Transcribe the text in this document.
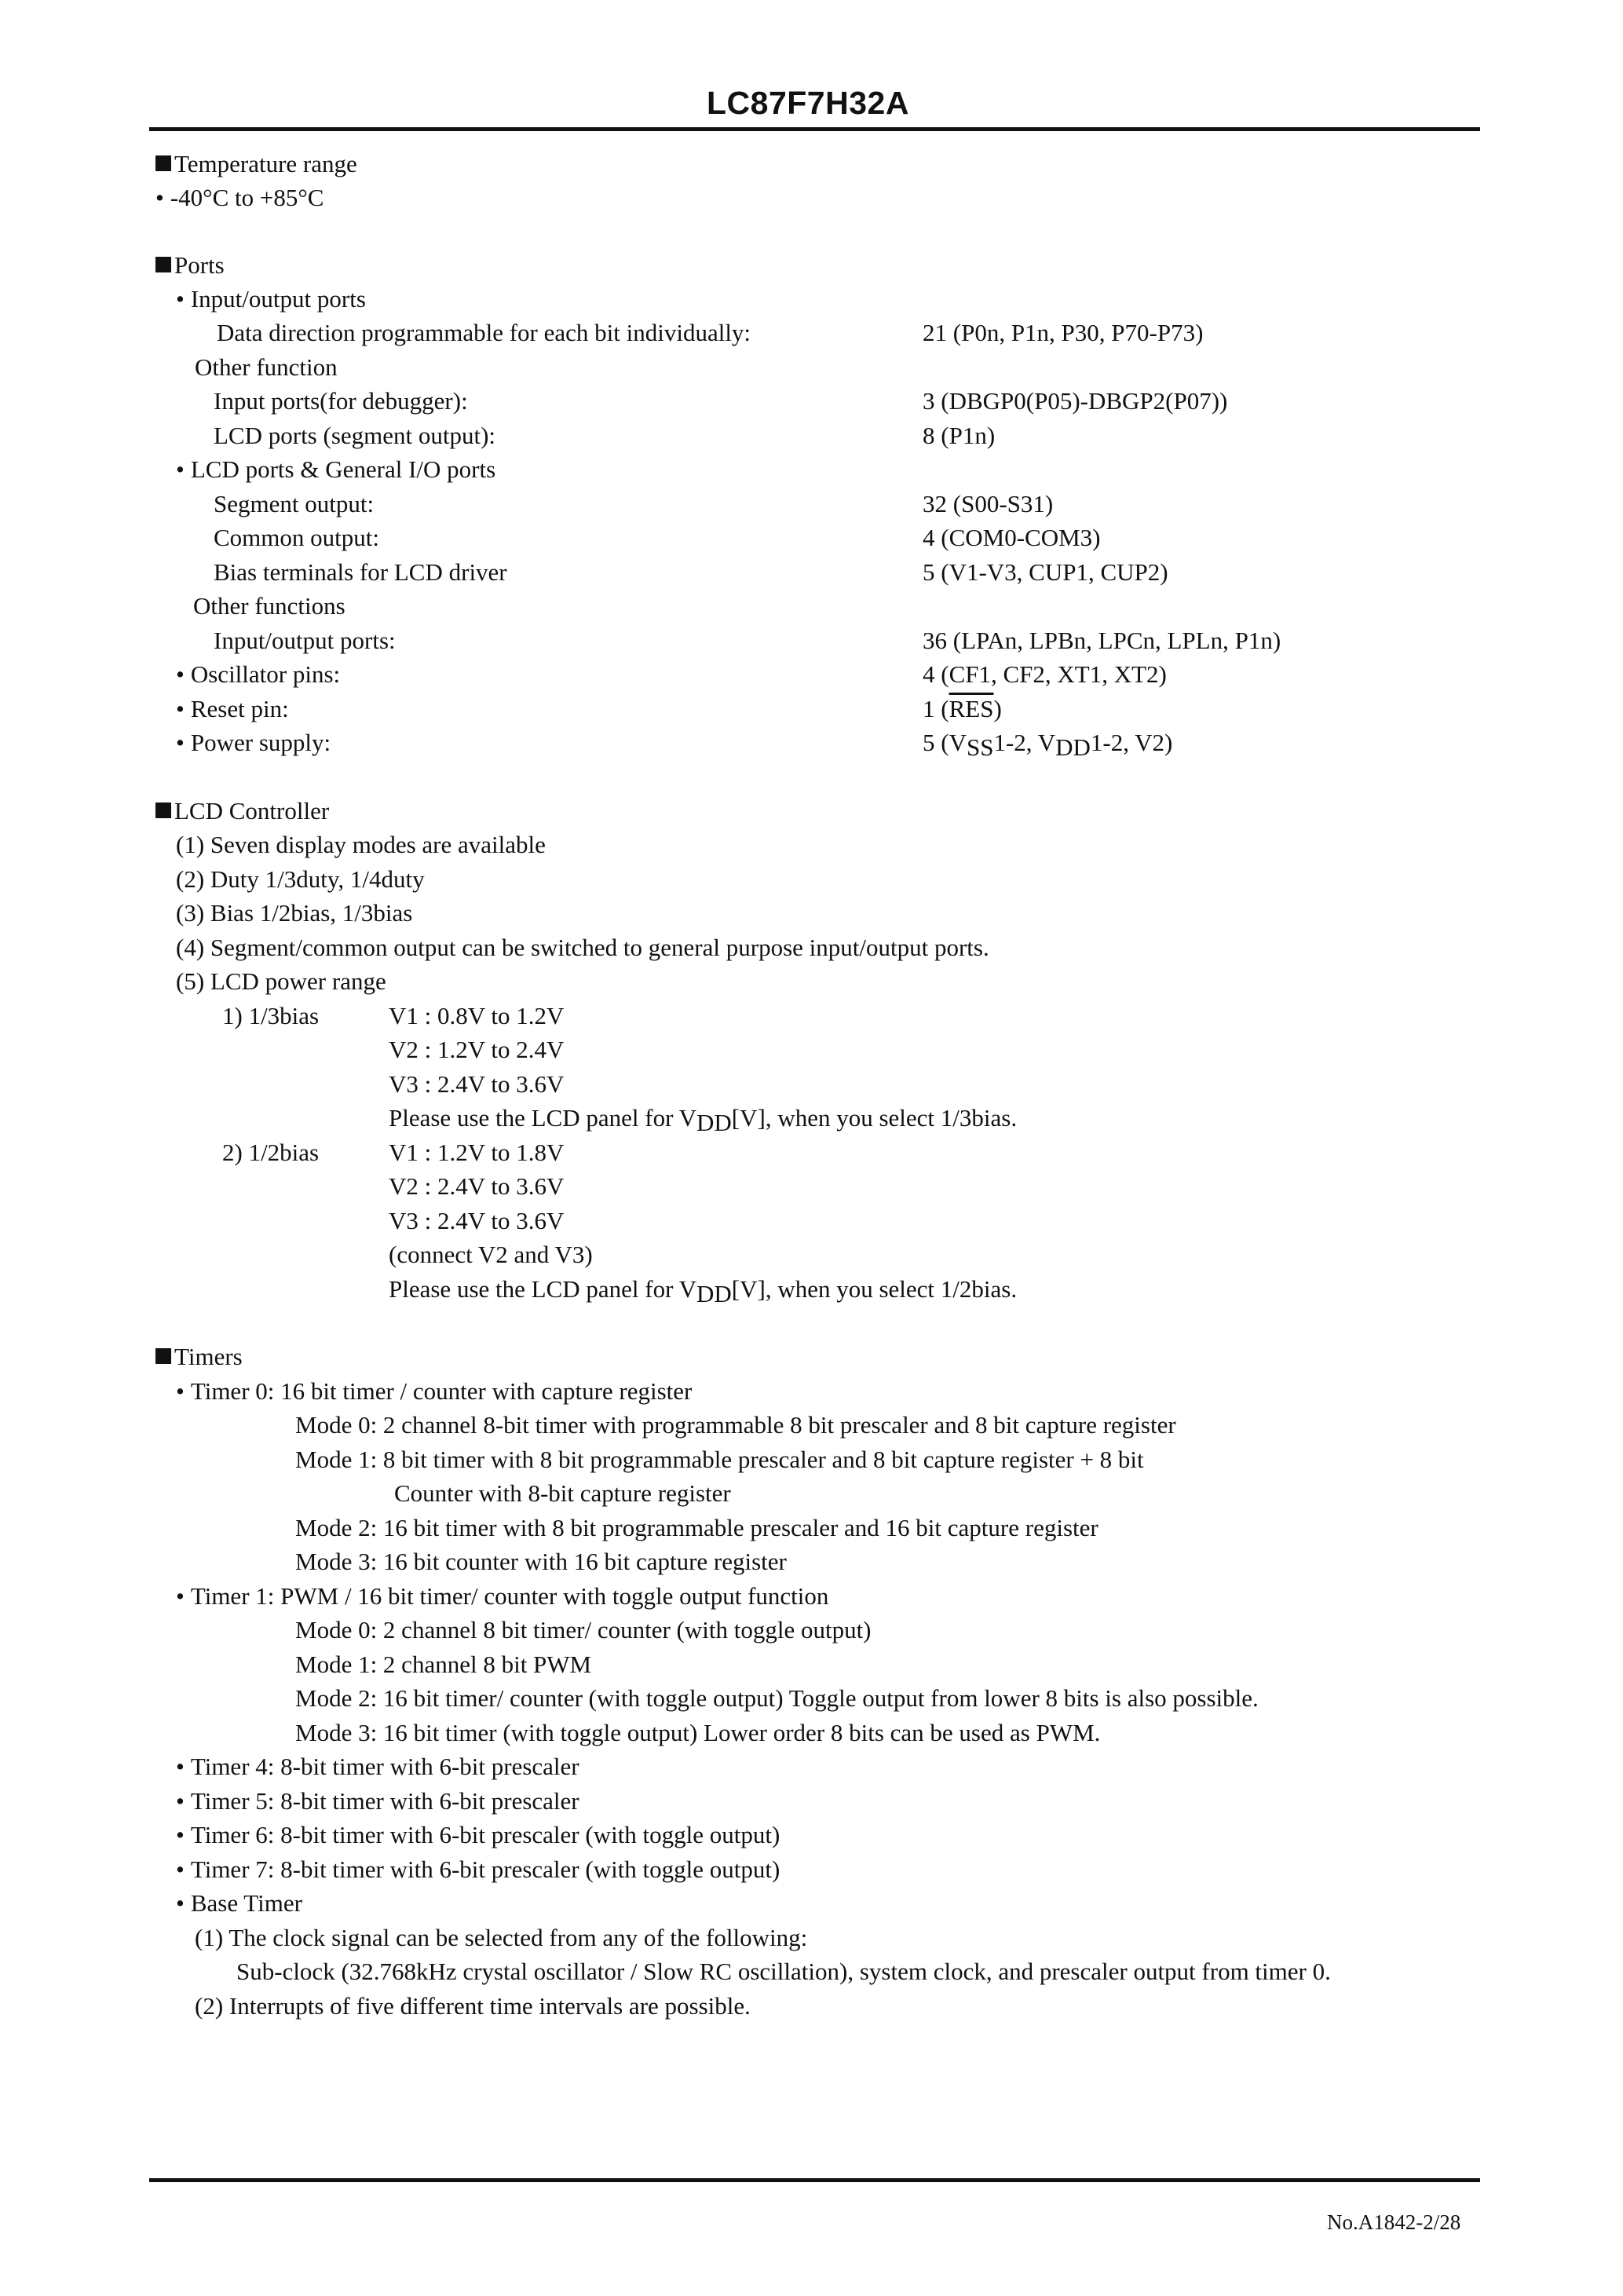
LC87F7H32A
Temperature range
• -40°C to +85°C
Ports
• Input/output ports
Data direction programmable for each bit individually:	21 (P0n, P1n, P30, P70-P73)
Other function
Input ports(for debugger):	3 (DBGP0(P05)-DBGP2(P07))
LCD ports (segment output):	8 (P1n)
• LCD ports & General I/O ports
Segment output:	32 (S00-S31)
Common output:	4 (COM0-COM3)
Bias terminals for LCD driver	5 (V1-V3, CUP1, CUP2)
Other functions
Input/output ports:	36 (LPAn, LPBn, LPCn, LPLn, P1n)
• Oscillator pins:	4 (CF1, CF2, XT1, XT2)
• Reset pin:	1 $(\overline{RES})$
• Power supply:	5 ($V_{SS}1-2$, $V_{DD}1-2$, V2)
LCD Controller
(1) Seven display modes are available
(2) Duty 1/3duty, 1/4duty
(3) Bias 1/2bias, 1/3bias
(4) Segment/common output can be switched to general purpose input/output ports.
(5) LCD power range
1) 1/3bias	V1 : 0.8V to 1.2V
V2 : 1.2V to 2.4V
V3 : 2.4V to 3.6V
Please use the LCD panel for $V_{DD}[V]$, when you select 1/3bias.
2) 1/2bias	V1 : 1.2V to 1.8V
V2 : 2.4V to 3.6V
V3 : 2.4V to 3.6V
(connect V2 and V3)
Please use the LCD panel for $V_{DD}[V]$, when you select 1/2bias.
Timers
• Timer 0: 16 bit timer / counter with capture register
Mode 0: 2 channel 8-bit timer with programmable 8 bit prescaler and 8 bit capture register
Mode 1: 8 bit timer with 8 bit programmable prescaler and 8 bit capture register + 8 bit
Counter with 8-bit capture register
Mode 2: 16 bit timer with 8 bit programmable prescaler and 16 bit capture register
Mode 3: 16 bit counter with 16 bit capture register
• Timer 1: PWM / 16 bit timer/ counter with toggle output function
Mode 0: 2 channel 8 bit timer/ counter (with toggle output)
Mode 1: 2 channel 8 bit PWM
Mode 2: 16 bit timer/ counter (with toggle output) Toggle output from lower 8 bits is also possible.
Mode 3: 16 bit timer (with toggle output) Lower order 8 bits can be used as PWM.
• Timer 4: 8-bit timer with 6-bit prescaler
• Timer 5: 8-bit timer with 6-bit prescaler
• Timer 6: 8-bit timer with 6-bit prescaler (with toggle output)
• Timer 7: 8-bit timer with 6-bit prescaler (with toggle output)
• Base Timer
(1) The clock signal can be selected from any of the following:
Sub-clock (32.768kHz crystal oscillator / Slow RC oscillation), system clock, and prescaler output from timer 0.
(2) Interrupts of five different time intervals are possible.
No.A1842-2/28
